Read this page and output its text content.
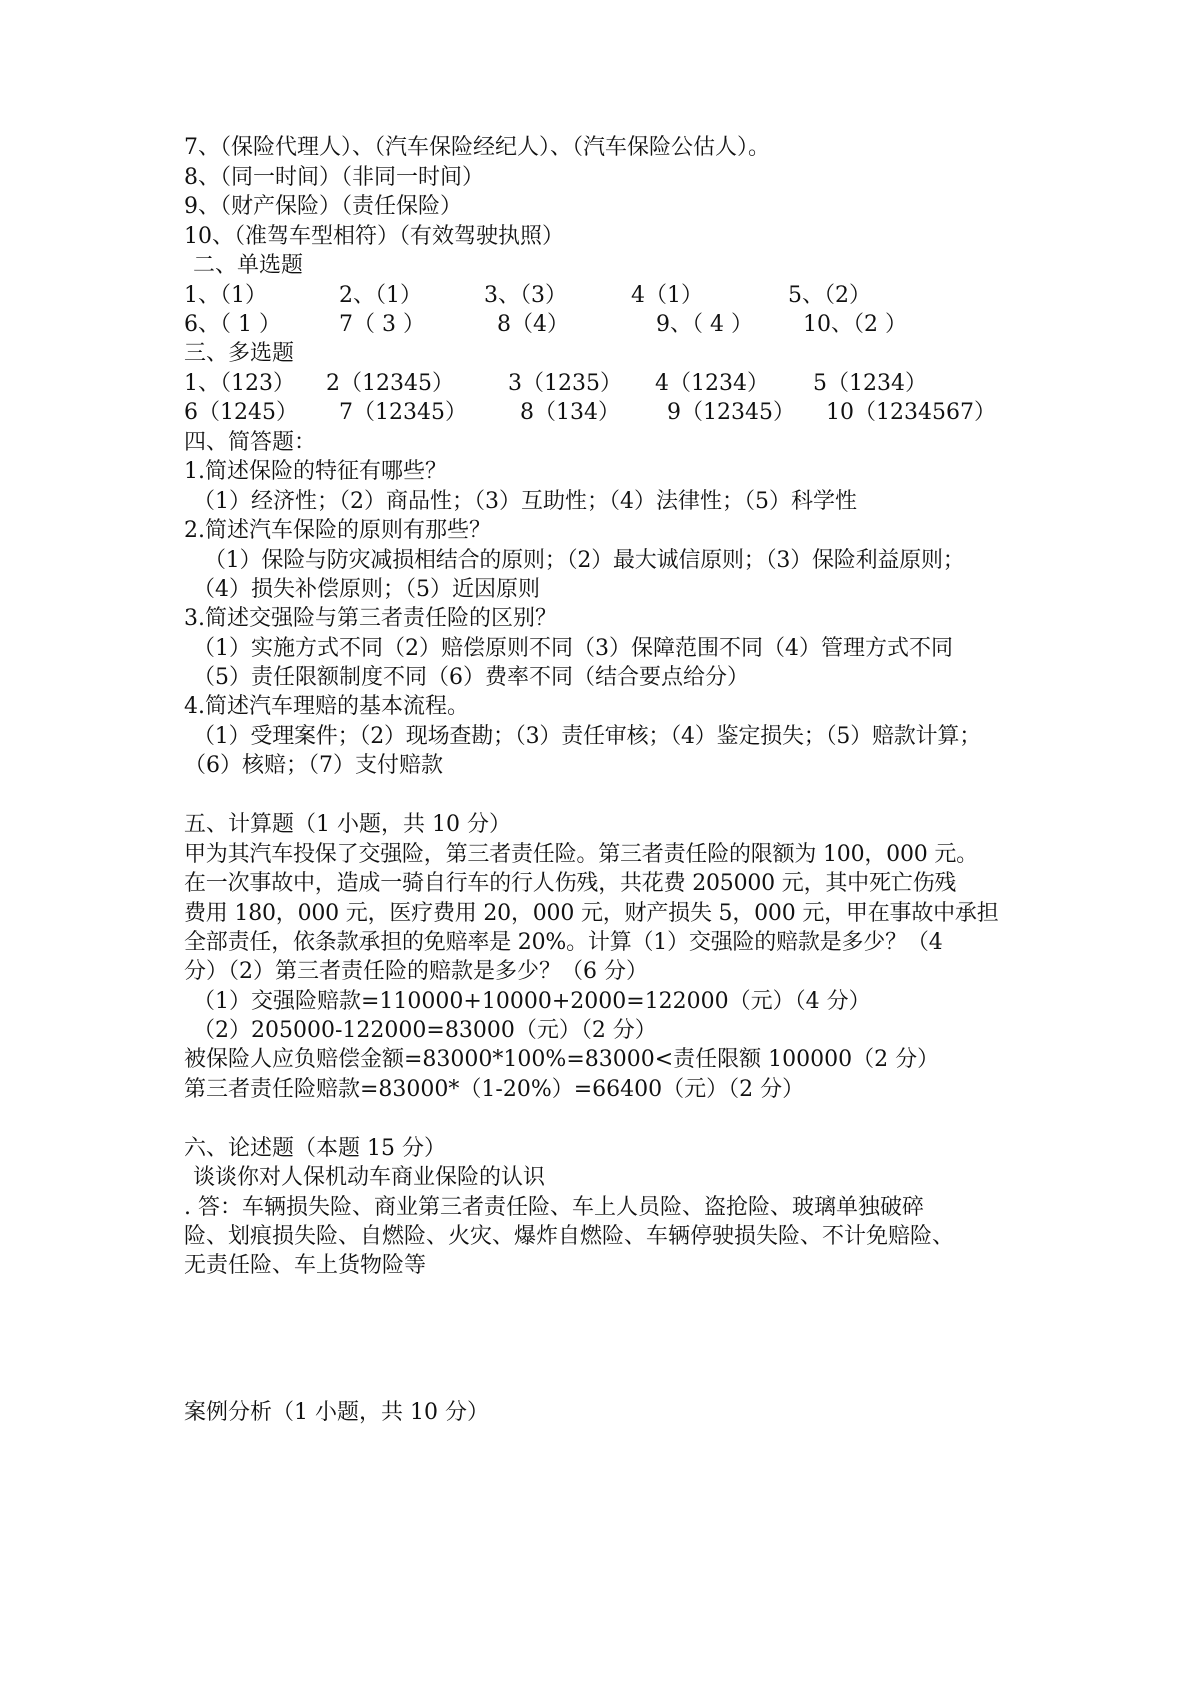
7、（保险代理人）、（汽车保险经纪人）、（汽车保险公估人）。
8、（同一时间）（非同一时间）
9、（财产保险）（责任保险）
10、（准驾车型相符）（有效驾驶执照）
二、单选题
1、（1）	2、（1）	3、（3）	4（1）	5、（2）
6、（ 1 ）	7（ 3 ）	8（4）	9、（ 4 ） 10、（2 ）
三、多选题
1、（123） 2（12345） 3（1235） 4（1234） 5（1234）
6（1245） 7（12345） 8（134） 9（12345） 10（1234567）
四、简答题：
1.简述保险的特征有哪些？
（1）经济性；（2）商品性；（3）互助性；（4）法律性；（5）科学性
2.简述汽车保险的原则有那些？
（1）保险与防灾减损相结合的原则；（2）最大诚信原则；（3）保险利益原则；
（4）损失补偿原则；（5）近因原则
3.简述交强险与第三者责任险的区别？
（1）实施方式不同（2）赔偿原则不同（3）保障范围不同（4）管理方式不同
（5）责任限额制度不同（6）费率不同（结合要点给分）
4.简述汽车理赔的基本流程。
（1）受理案件；（2）现场查勘；（3）责任审核；（4）鉴定损失；（5）赔款计算；
（6）核赔；（7）支付赔款
五、计算题（1 小题，共 10 分）
甲为其汽车投保了交强险，第三者责任险。第三者责任险的限额为 100，000 元。
在一次事故中，造成一骑自行车的行人伤残，共花费 205000 元，其中死亡伤残
费用 180，000 元，医疗费用 20，000 元，财产损失 5，000 元，甲在事故中承担
全部责任，依条款承担的免赔率是 20%。计算（1）交强险的赔款是多少？（4
分）（2）第三者责任险的赔款是多少？（6 分）
（1）交强险赔款=110000+10000+2000=122000（元）（4 分）
（2）205000-122000=83000（元）（2 分）
被保险人应负赔偿金额=83000*100%=83000<责任限额 100000（2 分）
第三者责任险赔款=83000*（1-20%）=66400（元）（2 分）
六、论述题（本题 15 分）
谈谈你对人保机动车商业保险的认识
. 答：车辆损失险、商业第三者责任险、车上人员险、盗抢险、玻璃单独破碎
险、划痕损失险、自燃险、火灾、爆炸自燃险、车辆停驶损失险、不计免赔险、
无责任险、车上货物险等
案例分析（1 小题，共 10 分）
